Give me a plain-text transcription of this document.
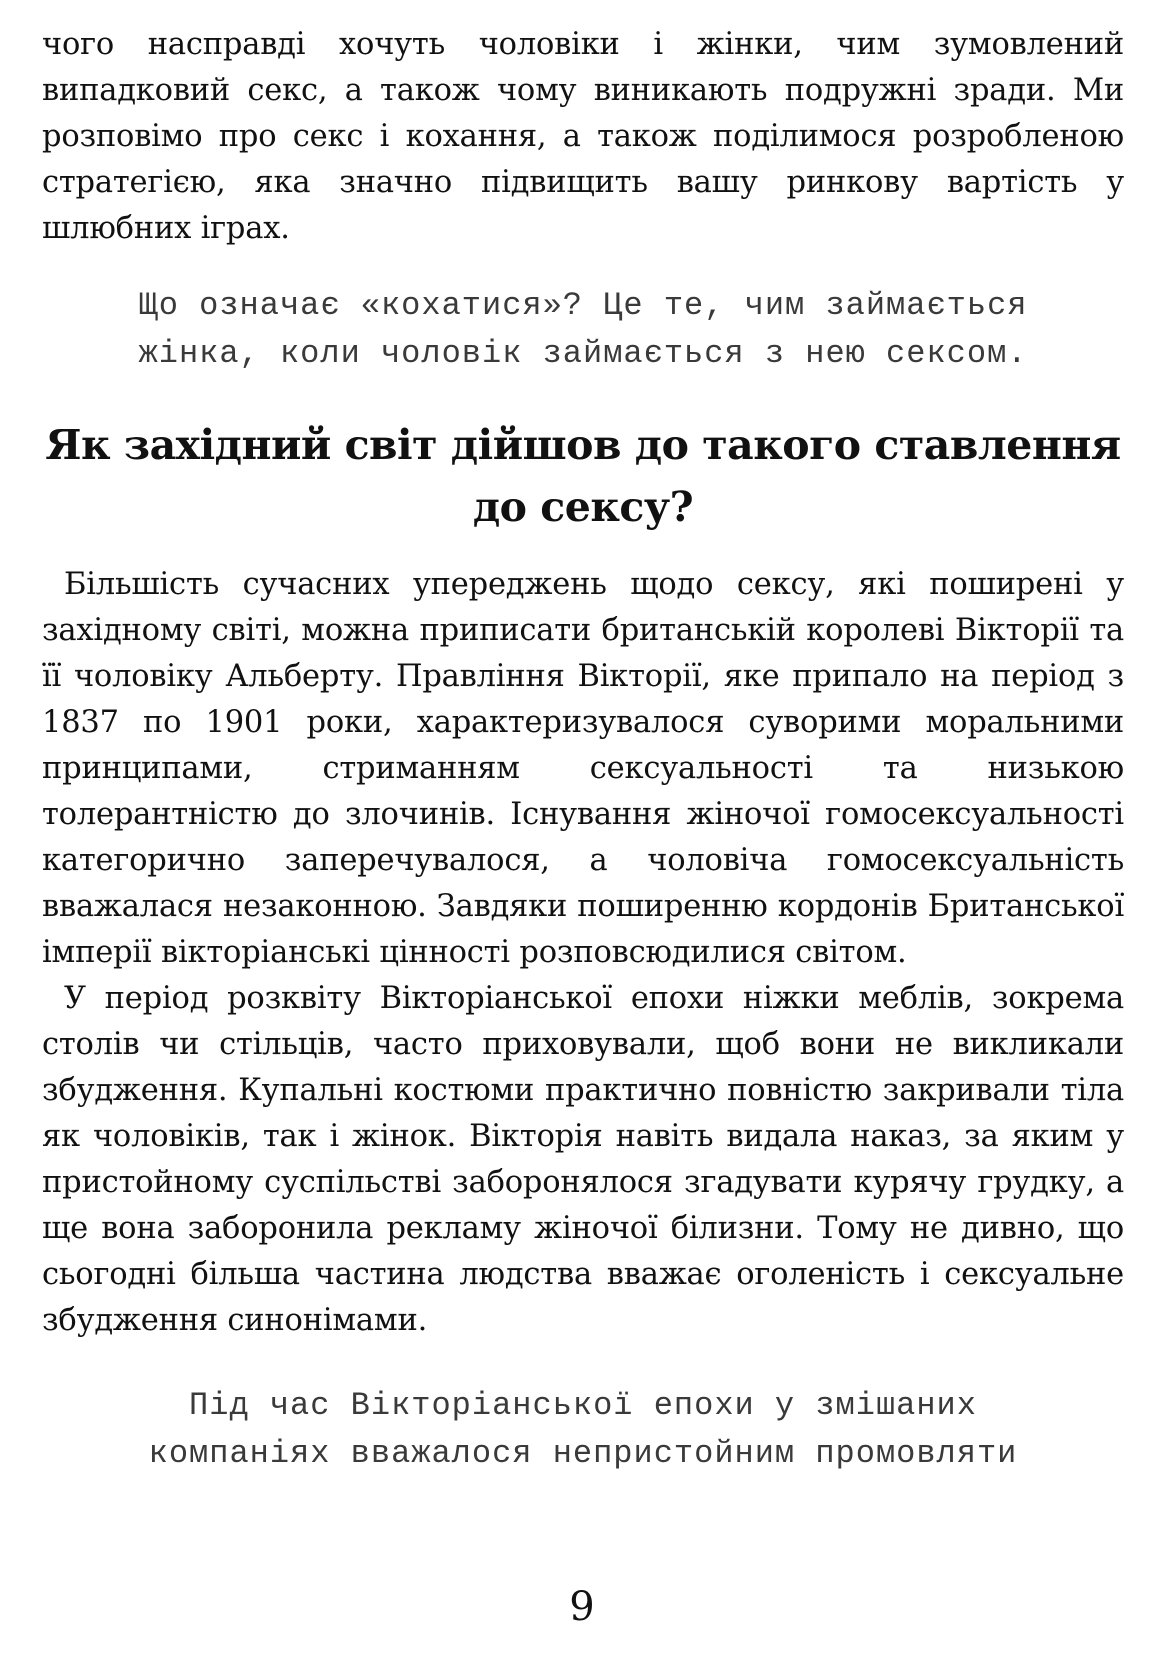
чого насправді хочуть чоловіки і жінки, чим зумовлений випадковий секс, а також чому виникають подружні зради. Ми розповімо про секс і кохання, а також поділимося розробленою стратегією, яка значно підвищить вашу ринкову вартість у шлюбних іграх.

Що означає «кохатися»? Це те, чим займається

жінка, коли чоловік займається з нею сексом.

Як західний світ дійшов до такого ставлення до сексу?

Більшість сучасних упереджень щодо сексу, які поширені у західному світі, можна приписати британській королеві Вікторії та її чоловіку Альберту. Правління Вікторії, яке припало на період з 1837 по 1901 роки, характеризувалося суворими моральними принципами, стриманням сексуальності та низькою толерантністю до злочинів. Існування жіночої гомосексуальності категорично заперечувалося, а чоловіча гомосексуальність вважалася незаконною. Завдяки поширенню кордонів Британської імперії вікторіанські цінності розповсюдилися світом.

У період розквіту Вікторіанської епохи ніжки меблів, зокрема столів чи стільців, часто приховували, щоб вони не викликали збудження. Купальні костюми практично повністю закривали тіла як чоловіків, так і жінок. Вікторія навіть видала наказ, за яким у пристойному суспільстві заборонялося згадувати курячу грудку, а ще вона заборонила рекламу жіночої білизни. Тому не дивно, що сьогодні більша частина людства вважає оголеність і сексуальне збудження синонімами.

Під час Вікторіанської епохи у змішаних

компаніях вважалося непристойним промовляти

9
